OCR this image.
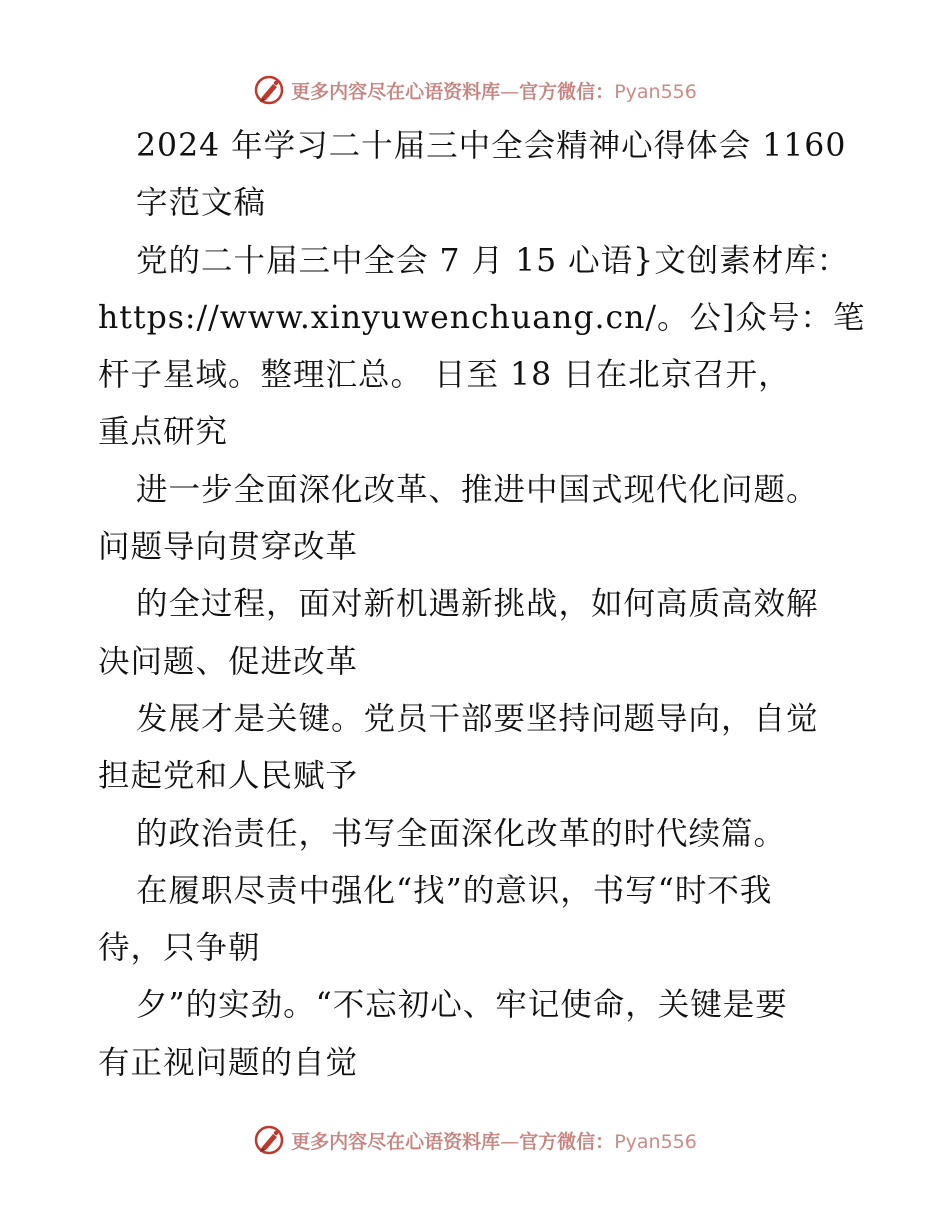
更多内容尽在心语资料库—官方微信：Pyan556
2024 年学习二十届三中全会精神心得体会 1160
字范文稿
党的二十届三中全会 7 月 15 心语}文创素材库：
https://www.xinyuwenchuang.cn/。公]众号：笔
杆子星域。整理汇总。 日至 18 日在北京召开，
重点研究
进一步全面深化改革、推进中国式现代化问题。
问题导向贯穿改革
的全过程，面对新机遇新挑战，如何高质高效解
决问题、促进改革
发展才是关键。党员干部要坚持问题导向，自觉
担起党和人民赋予
的政治责任，书写全面深化改革的时代续篇。
在履职尽责中强化“找”的意识，书写“时不我
待，只争朝
夕”的实劲。“不忘初心、牢记使命，关键是要
有正视问题的自觉
更多内容尽在心语资料库—官方微信：Pyan556
